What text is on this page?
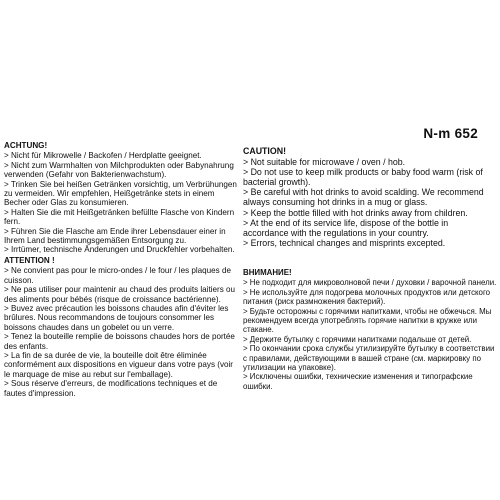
N-m 652
ACHTUNG!
> Nicht für Mikrowelle / Backofen / Herdplatte geeignet.
> Nicht zum Warmhalten von Milchprodukten oder Babynahrung verwenden (Gefahr von Bakterienwachstum).
> Trinken Sie bei heißen Getränken vorsichtig, um Verbrühungen zu vermeiden. Wir empfehlen, Heißgetränke stets in einem Becher oder Glas zu konsumieren.
> Halten Sie die mit Heißgetränken befüllte Flasche von Kindern fern.
> Führen Sie die Flasche am Ende ihrer Lebensdauer einer in Ihrem Land bestimmungsgemäßen Entsorgung zu.
> Irrtümer, technische Änderungen und Druckfehler vorbehalten.
CAUTION!
> Not suitable for microwave / oven / hob.
> Do not use to keep milk products or baby food warm (risk of bacterial growth).
> Be careful with hot drinks to avoid scalding. We recommend always consuming hot drinks in a mug or glass.
> Keep the bottle filled with hot drinks away from children.
> At the end of its service life, dispose of the bottle in accordance with the regulations in your country.
> Errors, technical changes and misprints excepted.
ATTENTION !
> Ne convient pas pour le micro-ondes / le four / les plaques de cuisson.
> Ne pas utiliser pour maintenir au chaud des produits laitiers ou des aliments pour bébés (risque de croissance bactérienne).
> Buvez avec précaution les boissons chaudes afin d'éviter les brûlures. Nous recommandons de toujours consommer les boissons chaudes dans un gobelet ou un verre.
> Tenez la bouteille remplie de boissons chaudes hors de portée des enfants.
> La fin de sa durée de vie, la bouteille doit être éliminée conformément aux dispositions en vigueur dans votre pays (voir le marquage de mise au rebut sur l'emballage).
> Sous réserve d'erreurs, de modifications techniques et de fautes d'impression.
ВНИМАНИЕ!
> Не подходит для микроволновой печи / духовки / варочной панели.
> Не используйте для подогрева молочных продуктов или детского питания (риск размножения бактерий).
> Будьте осторожны с горячими напитками, чтобы не обжечься. Мы рекомендуем всегда употреблять горячие напитки в кружке или стакане.
> Держите бутылку с горячими напитками подальше от детей.
> По окончании срока службы утилизируйте бутылку в соответствии с правилами, действующими в вашей стране (см. маркировку по утилизации на упаковке).
> Исключены ошибки, технические изменения и типографские ошибки.
